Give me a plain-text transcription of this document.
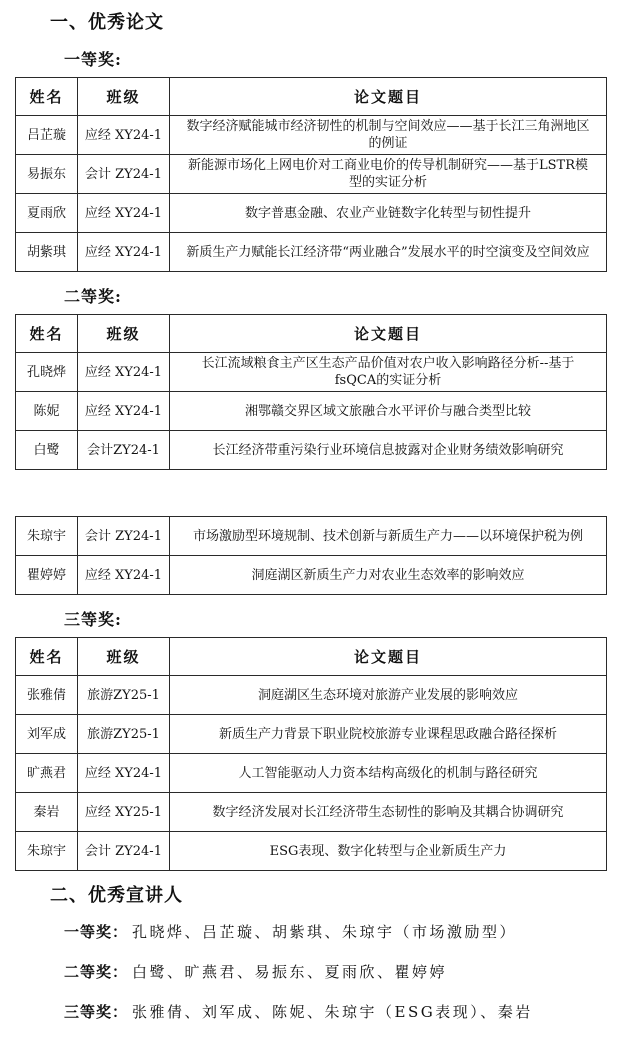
一、优秀论文
一等奖:
姓名	班级	论文题目
吕芷璇	应经 XY24-1	数字经济赋能城市经济韧性的机制与空间效应——基于长江三角洲地区的例证
易振东	会计 ZY24-1	新能源市场化上网电价对工商业电价的传导机制研究——基于LSTR模型的实证分析
夏雨欣	应经 XY24-1	数字普惠金融、农业产业链数字化转型与韧性提升
胡紫琪	应经 XY24-1	新质生产力赋能长江经济带“两业融合”发展水平的时空演变及空间效应
二等奖:
姓名	班级	论文题目
孔晓烨	应经 XY24-1	长江流域粮食主产区生态产品价值对农户收入影响路径分析--基于fsQCA的实证分析
陈妮	应经 XY24-1	湘鄂赣交界区域文旅融合水平评价与融合类型比较
白鹭	会计ZY24-1	长江经济带重污染行业环境信息披露对企业财务绩效影响研究
朱琼宇	会计 ZY24-1	市场激励型环境规制、技术创新与新质生产力——以环境保护税为例
瞿婷婷	应经 XY24-1	洞庭湖区新质生产力对农业生态效率的影响效应
三等奖:
姓名	班级	论文题目
张雅倩	旅游ZY25-1	洞庭湖区生态环境对旅游产业发展的影响效应
刘军成	旅游ZY25-1	新质生产力背景下职业院校旅游专业课程思政融合路径探析
旷燕君	应经 XY24-1	人工智能驱动人力资本结构高级化的机制与路径研究
秦岩	应经 XY25-1	数字经济发展对长江经济带生态韧性的影响及其耦合协调研究
朱琼宇	会计 ZY24-1	ESG表现、数字化转型与企业新质生产力
二、优秀宣讲人
一等奖： 孔晓烨、吕芷璇、胡紫琪、朱琼宇（市场激励型）
二等奖： 白鹭、旷燕君、易振东、夏雨欣、瞿婷婷
三等奖： 张雅倩、刘军成、陈妮、朱琼宇（ESG表现）、秦岩
